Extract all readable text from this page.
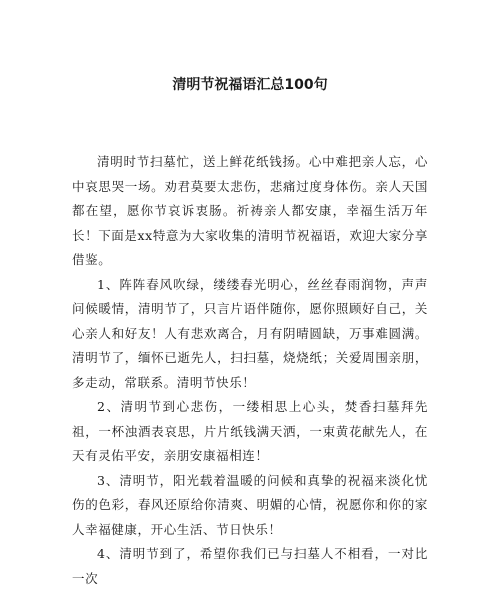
清明节祝福语汇总100句

清明时节扫墓忙，送上鲜花纸钱扬。心中难把亲人忘，心中哀思哭一场。劝君莫要太悲伤，悲痛过度身体伤。亲人天国都在望，愿你节哀诉衷肠。祈祷亲人都安康，幸福生活万年长！下面是xx特意为大家收集的清明节祝福语，欢迎大家分享借鉴。

1、阵阵春风吹绿，缕缕春光明心，丝丝春雨润物，声声问候暖情，清明节了，只言片语伴随你，愿你照顾好自己，关心亲人和好友！人有悲欢离合，月有阴晴圆缺，万事难圆满。清明节了，缅怀已逝先人，扫扫墓，烧烧纸；关爱周围亲朋，多走动，常联系。清明节快乐！

2、清明节到心悲伤，一缕相思上心头，焚香扫墓拜先祖，一杯浊酒表哀思，片片纸钱满天洒，一束黄花献先人，在天有灵佑平安，亲朋安康福相连！

3、清明节，阳光载着温暖的问候和真挚的祝福来淡化忧伤的色彩，春风还原给你清爽、明媚的心情，祝愿你和你的家人幸福健康，开心生活、节日快乐！

4、清明节到了，希望你我们已与扫墓人不相看，一对比一次
